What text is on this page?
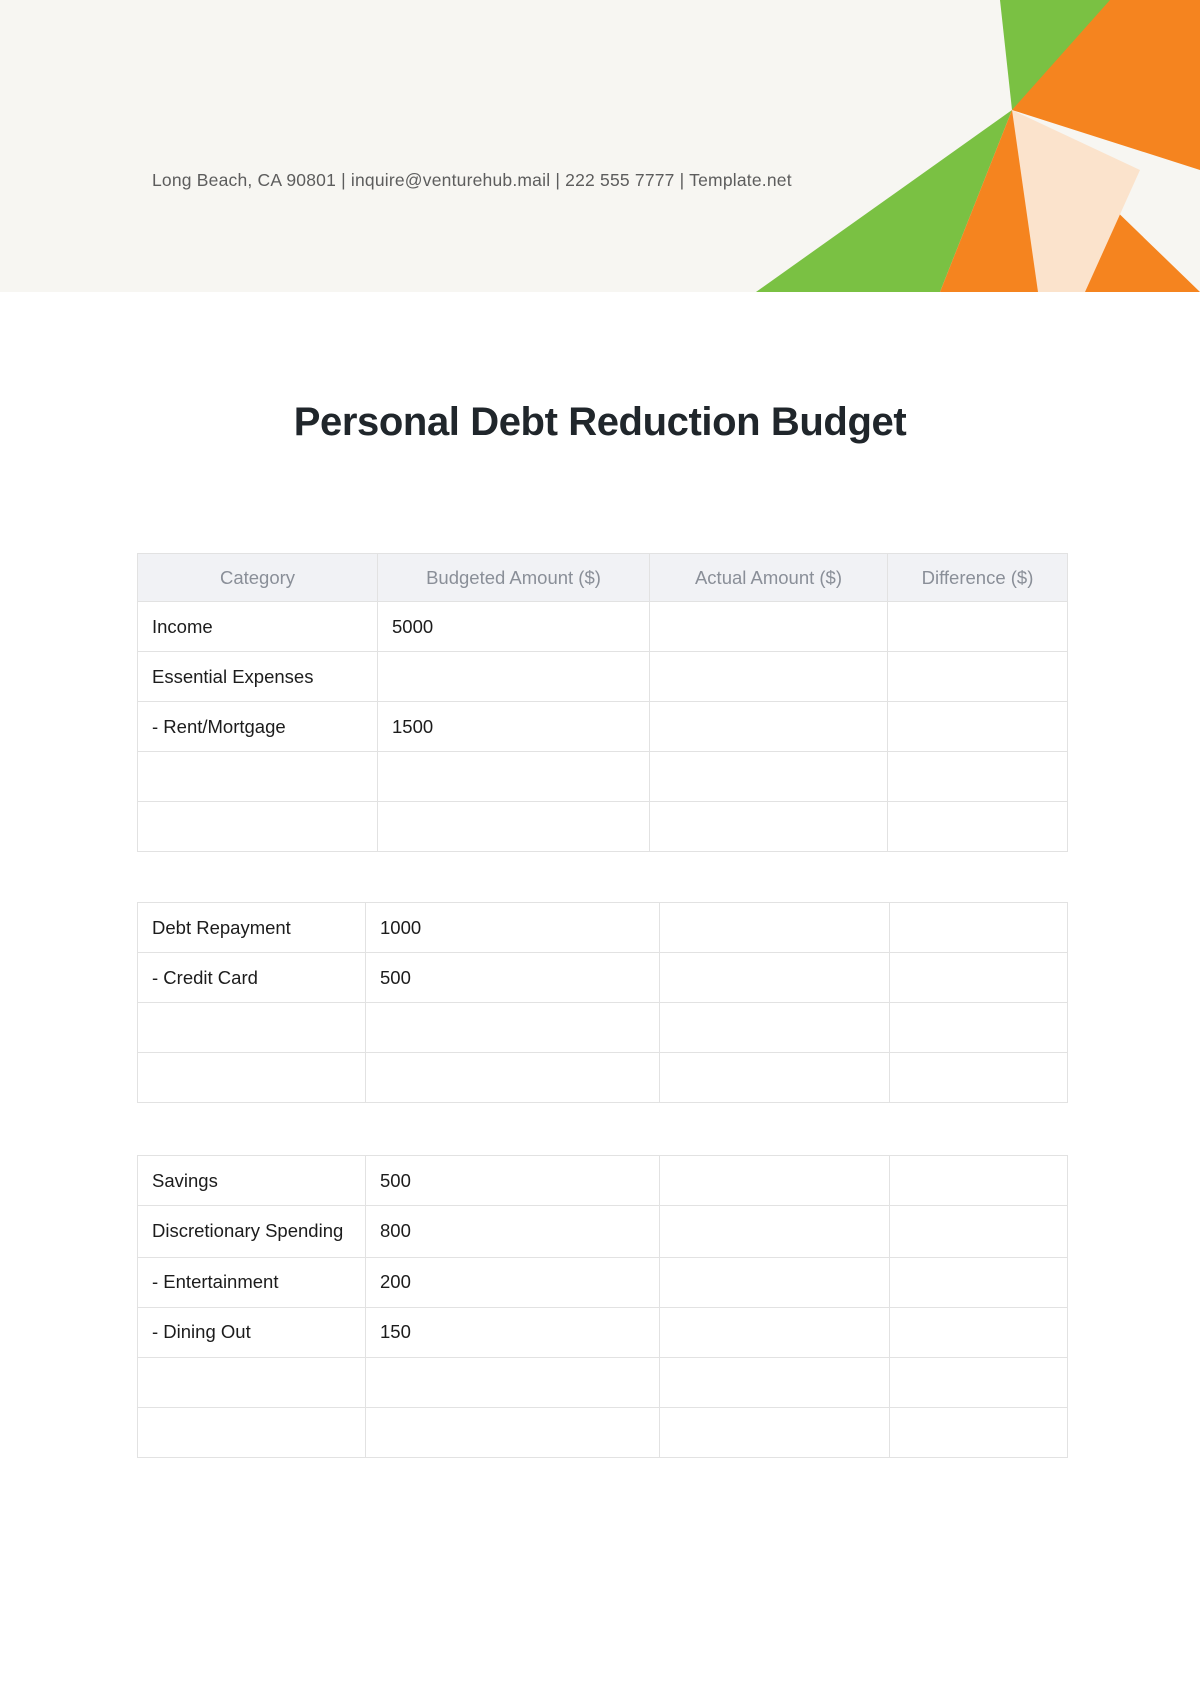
Long Beach, CA 90801 | inquire@venturehub.mail | 222 555 7777 | Template.net
Personal Debt Reduction Budget
Category	Budgeted Amount ($)	Actual Amount ($)	Difference ($)
Income	5000		
Essential Expenses			
- Rent/Mortgage	1500		

Debt Repayment	1000		
- Credit Card	500		

Savings	500		
Discretionary Spending	800		
- Entertainment	200		
- Dining Out	150		
